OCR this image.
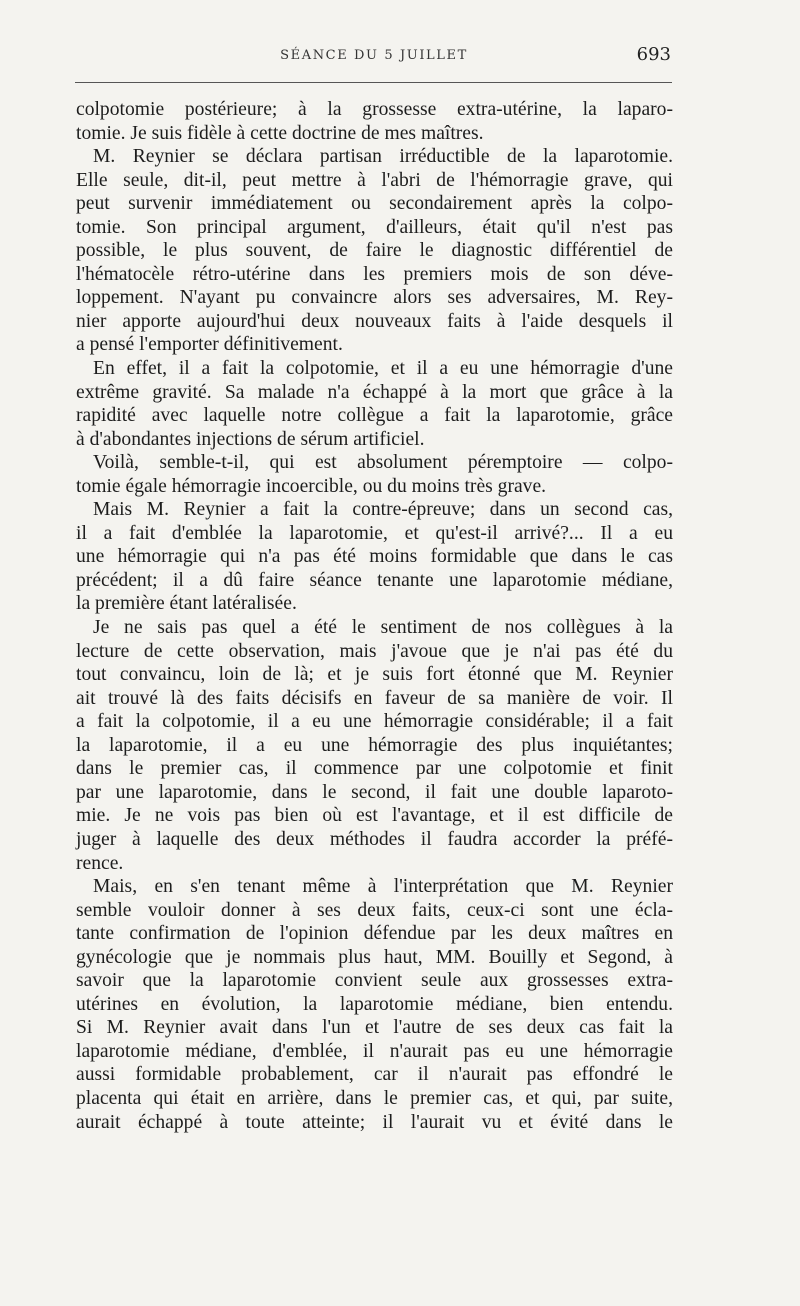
SÉANCE DU 5 JUILLET	693
colpotomie postérieure; à la grossesse extra-utérine, la laparo-
tomie. Je suis fidèle à cette doctrine de mes maîtres.
M. Reynier se déclara partisan irréductible de la laparotomie.
Elle seule, dit-il, peut mettre à l'abri de l'hémorragie grave, qui
peut survenir immédiatement ou secondairement après la colpo-
tomie. Son principal argument, d'ailleurs, était qu'il n'est pas
possible, le plus souvent, de faire le diagnostic différentiel de
l'hématocèle rétro-utérine dans les premiers mois de son déve-
loppement. N'ayant pu convaincre alors ses adversaires, M. Rey-
nier apporte aujourd'hui deux nouveaux faits à l'aide desquels il
a pensé l'emporter définitivement.
En effet, il a fait la colpotomie, et il a eu une hémorragie d'une
extrême gravité. Sa malade n'a échappé à la mort que grâce à la
rapidité avec laquelle notre collègue a fait la laparotomie, grâce
à d'abondantes injections de sérum artificiel.
Voilà, semble-t-il, qui est absolument péremptoire — colpo-
tomie égale hémorragie incoercible, ou du moins très grave.
Mais M. Reynier a fait la contre-épreuve; dans un second cas,
il a fait d'emblée la laparotomie, et qu'est-il arrivé?... Il a eu
une hémorragie qui n'a pas été moins formidable que dans le cas
précédent; il a dû faire séance tenante une laparotomie médiane,
la première étant latéralisée.
Je ne sais pas quel a été le sentiment de nos collègues à la
lecture de cette observation, mais j'avoue que je n'ai pas été du
tout convaincu, loin de là; et je suis fort étonné que M. Reynier
ait trouvé là des faits décisifs en faveur de sa manière de voir. Il
a fait la colpotomie, il a eu une hémorragie considérable; il a fait
la laparotomie, il a eu une hémorragie des plus inquiétantes;
dans le premier cas, il commence par une colpotomie et finit
par une laparotomie, dans le second, il fait une double laparoto-
mie. Je ne vois pas bien où est l'avantage, et il est difficile de
juger à laquelle des deux méthodes il faudra accorder la préfé-
rence.
Mais, en s'en tenant même à l'interprétation que M. Reynier
semble vouloir donner à ses deux faits, ceux-ci sont une écla-
tante confirmation de l'opinion défendue par les deux maîtres en
gynécologie que je nommais plus haut, MM. Bouilly et Segond, à
savoir que la laparotomie convient seule aux grossesses extra-
utérines en évolution, la laparotomie médiane, bien entendu.
Si M. Reynier avait dans l'un et l'autre de ses deux cas fait la
laparotomie médiane, d'emblée, il n'aurait pas eu une hémorragie
aussi formidable probablement, car il n'aurait pas effondré le
placenta qui était en arrière, dans le premier cas, et qui, par suite,
aurait échappé à toute atteinte; il l'aurait vu et évité dans le
